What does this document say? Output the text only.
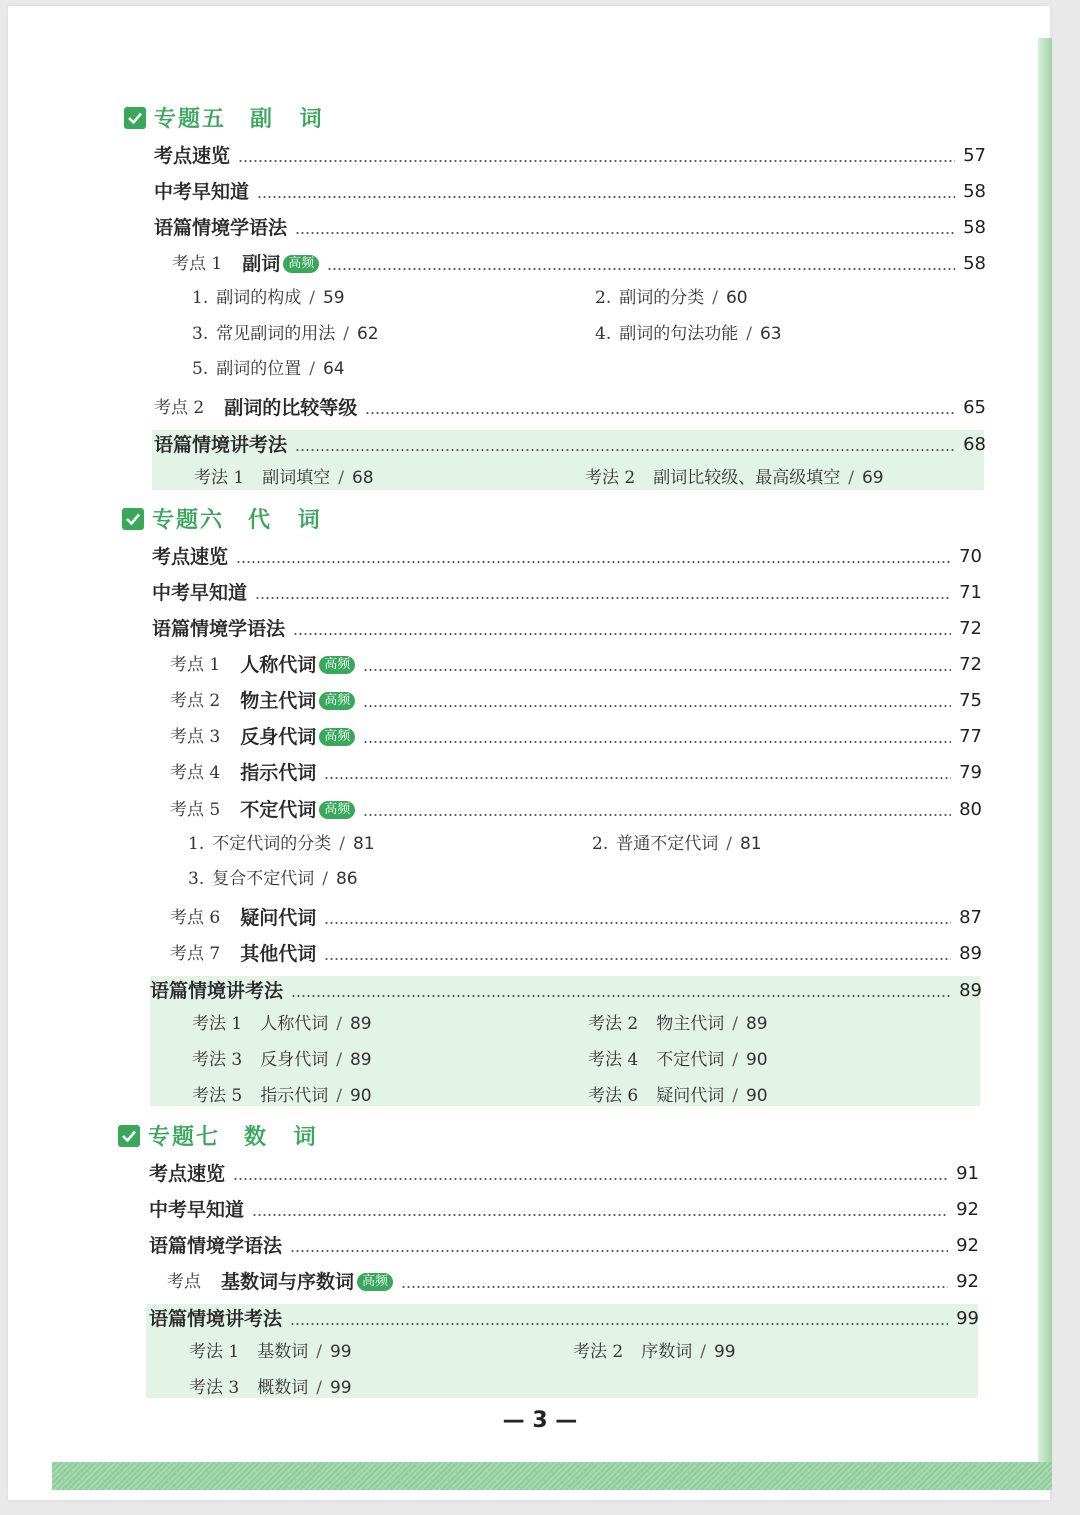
专题五 副 词
考点速览	57
中考早知道	58
语篇情境学语法	58
考点 1 副词 高频	58
1. 副词的构成 / 59	2. 副词的分类 / 60
3. 常见副词的用法 / 62	4. 副词的句法功能 / 63
5. 副词的位置 / 64
考点 2 副词的比较等级	65
语篇情境讲考法	68
考法 1 副词填空 / 68	考法 2 副词比较级、最高级填空 / 69
专题六 代 词
考点速览	70
中考早知道	71
语篇情境学语法	72
考点 1 人称代词 高频	72
考点 2 物主代词 高频	75
考点 3 反身代词 高频	77
考点 4 指示代词	79
考点 5 不定代词 高频	80
1. 不定代词的分类 / 81	2. 普通不定代词 / 81
3. 复合不定代词 / 86
考点 6 疑问代词	87
考点 7 其他代词	89
语篇情境讲考法	89
考法 1 人称代词 / 89	考法 2 物主代词 / 89
考法 3 反身代词 / 89	考法 4 不定代词 / 90
考法 5 指示代词 / 90	考法 6 疑问代词 / 90
专题七 数 词
考点速览	91
中考早知道	92
语篇情境学语法	92
考点 基数词与序数词 高频	92
语篇情境讲考法	99
考法 1 基数词 / 99	考法 2 序数词 / 99
考法 3 概数词 / 99
— 3 —
